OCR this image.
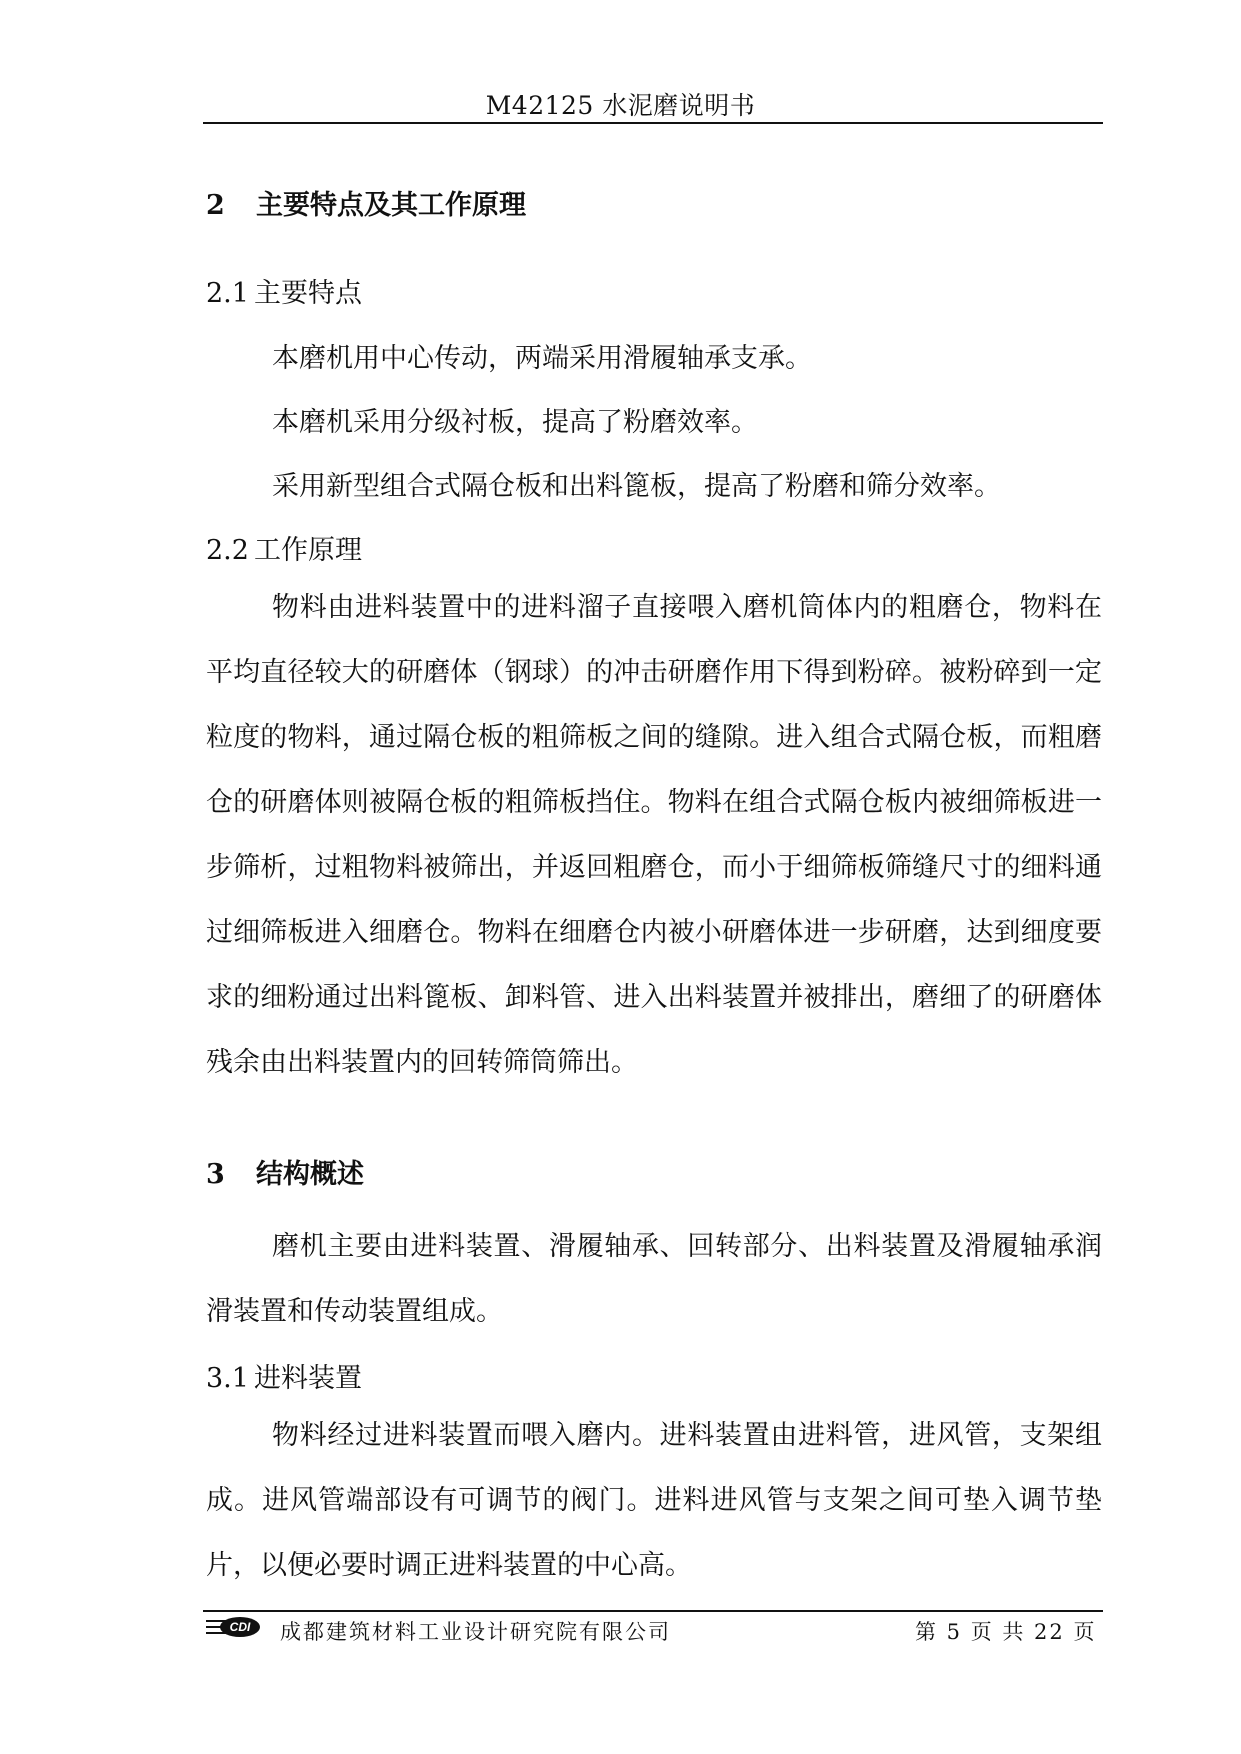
M42125 水泥磨说明书
2 主要特点及其工作原理
2.1 主要特点
本磨机用中心传动，两端采用滑履轴承支承。
本磨机采用分级衬板，提高了粉磨效率。
采用新型组合式隔仓板和出料篦板，提高了粉磨和筛分效率。
2.2 工作原理
物料由进料装置中的进料溜子直接喂入磨机筒体内的粗磨仓，物料在平均直径较大的研磨体（钢球）的冲击研磨作用下得到粉碎。被粉碎到一定粒度的物料，通过隔仓板的粗筛板之间的缝隙。进入组合式隔仓板，而粗磨仓的研磨体则被隔仓板的粗筛板挡住。物料在组合式隔仓板内被细筛板进一步筛析，过粗物料被筛出，并返回粗磨仓，而小于细筛板筛缝尺寸的细料通过细筛板进入细磨仓。物料在细磨仓内被小研磨体进一步研磨，达到细度要求的细粉通过出料篦板、卸料管、进入出料装置并被排出，磨细了的研磨体残余由出料装置内的回转筛筒筛出。
3 结构概述
磨机主要由进料装置、滑履轴承、回转部分、出料装置及滑履轴承润滑装置和传动装置组成。
3.1 进料装置
物料经过进料装置而喂入磨内。进料装置由进料管，进风管，支架组成。进风管端部设有可调节的阀门。进料进风管与支架之间可垫入调节垫片，以便必要时调正进料装置的中心高。
CDI 成都建筑材料工业设计研究院有限公司	第 5 页 共 22 页
